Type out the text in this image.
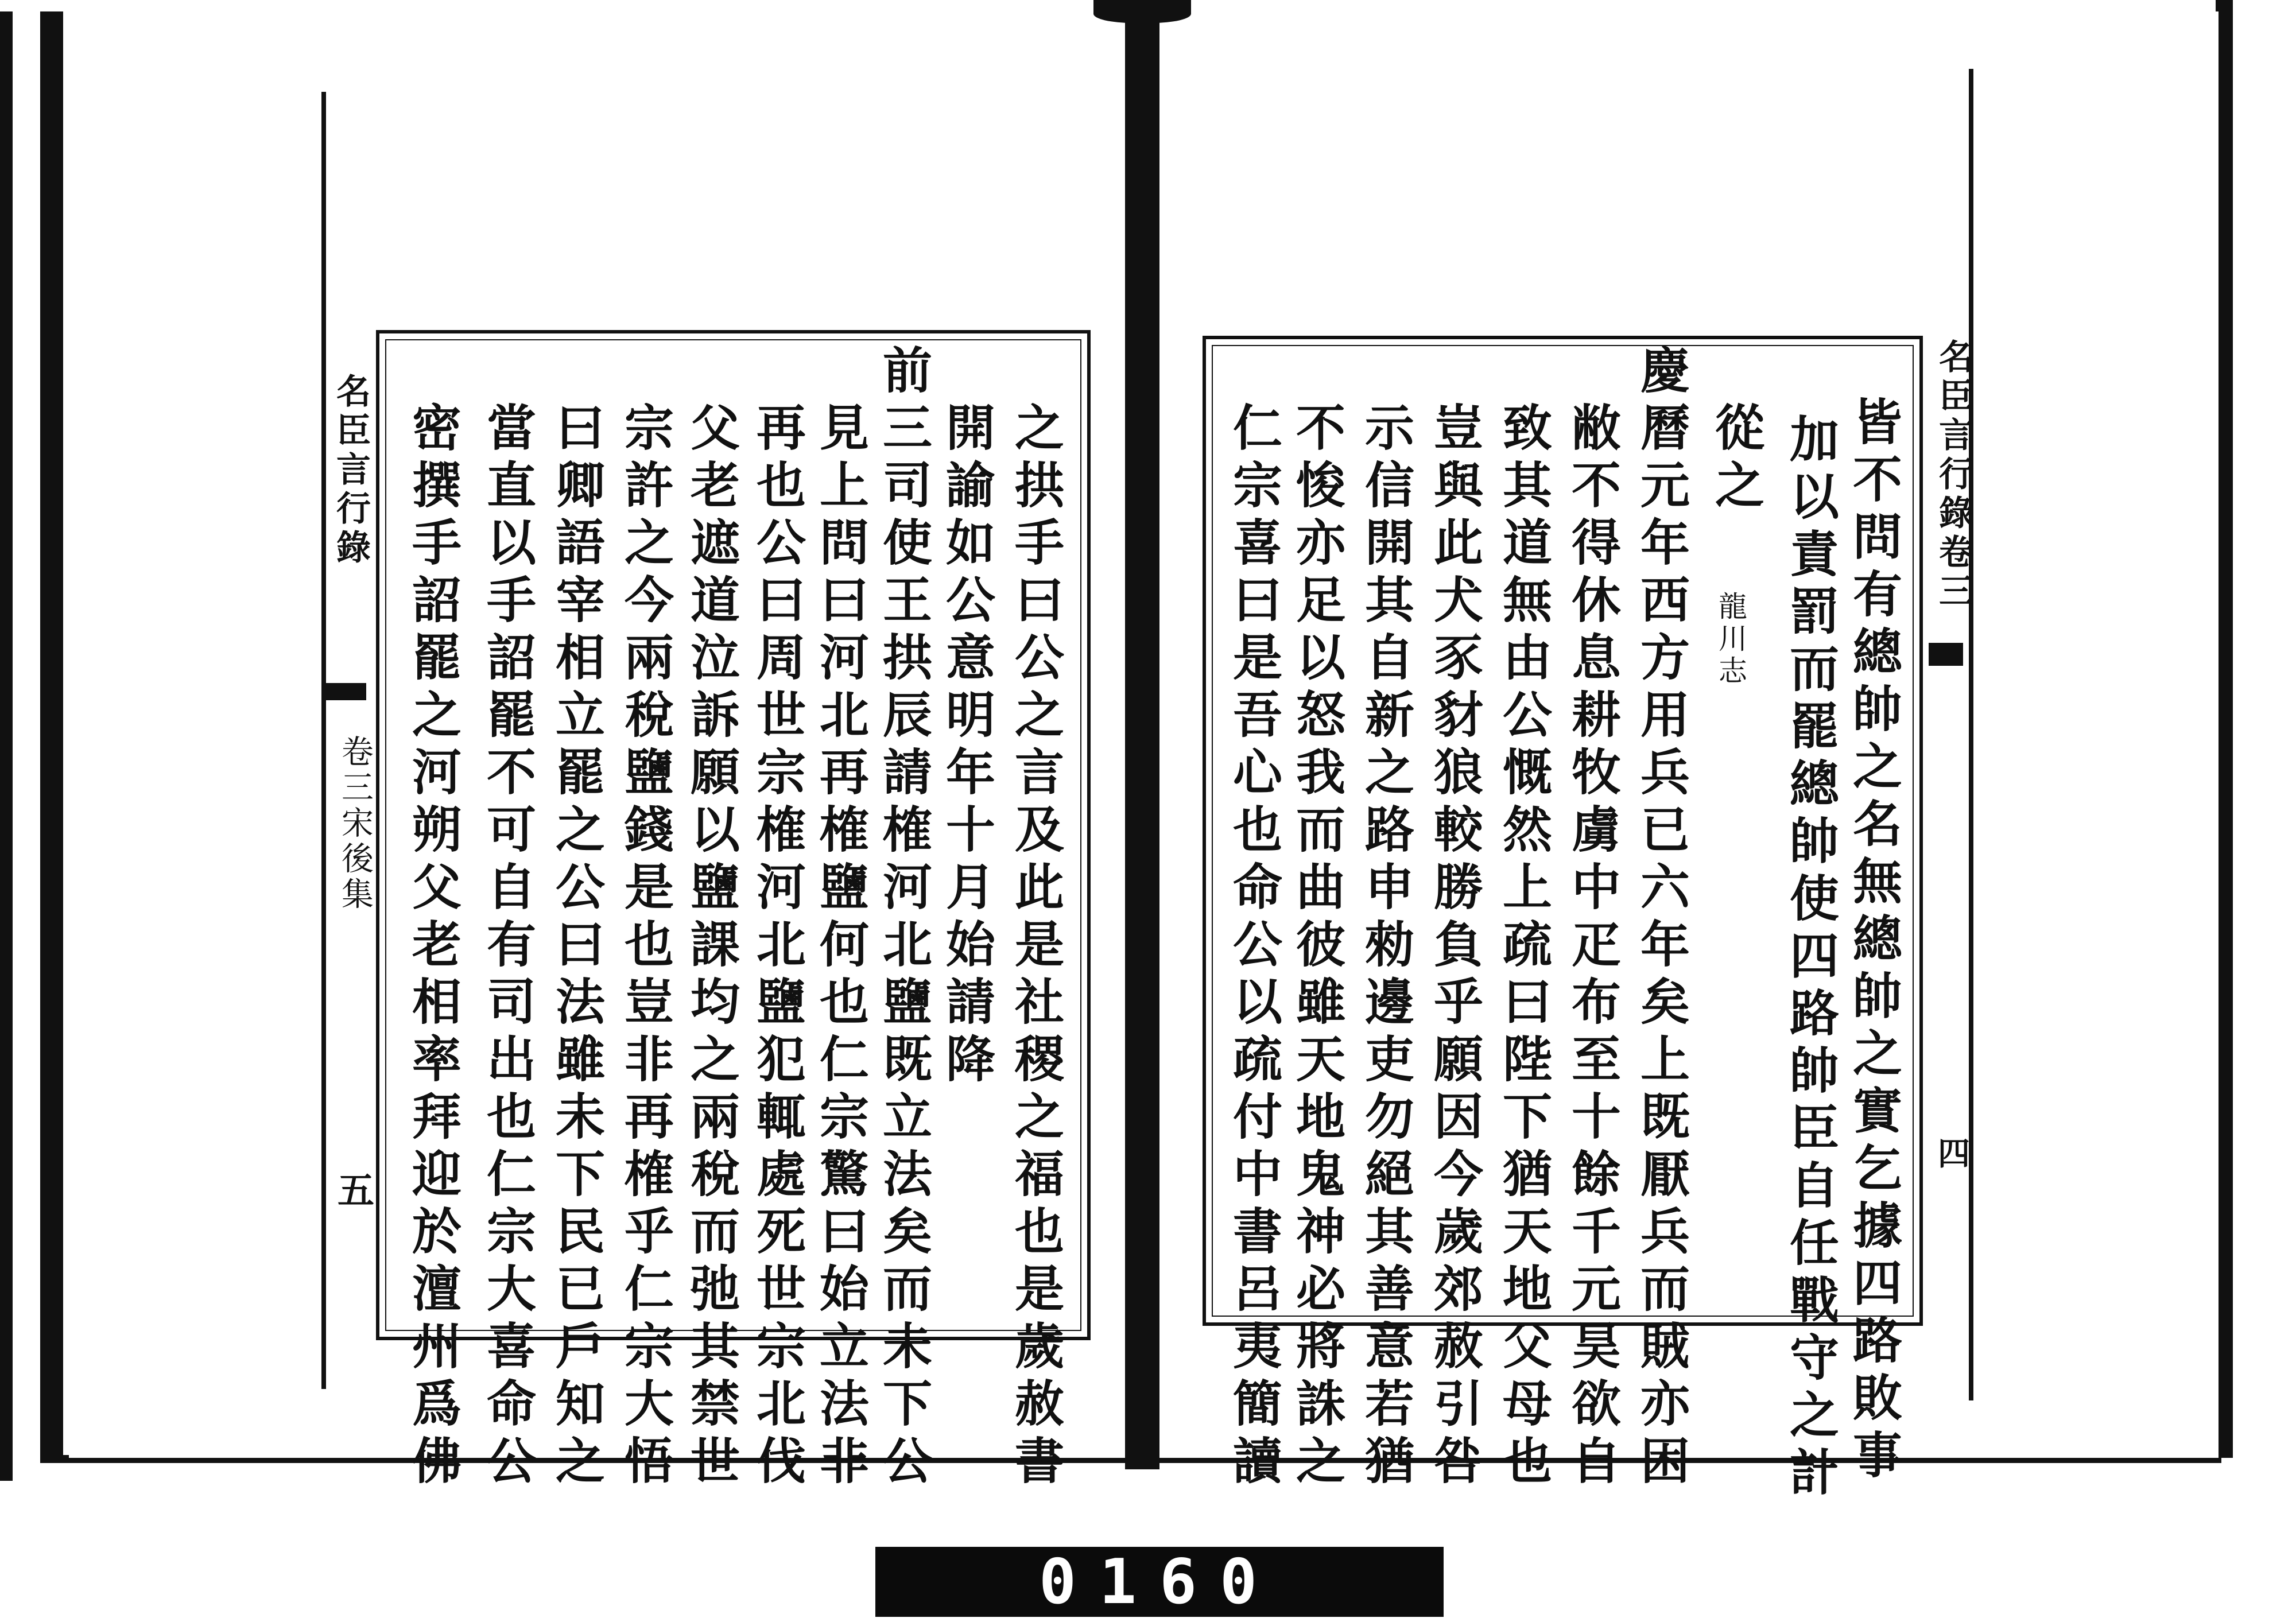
名臣言行錄
卷三宋後集
五	之拱手曰公之言及此是社稷之福也是歲赦書
開諭如公意明年十月始請降
前三司使王拱辰請榷河北鹽既立法矣而未下公
見上問曰河北再榷鹽何也仁宗驚曰始立法非
再也公曰周世宗榷河北鹽犯輒處死世宗北伐
父老遮道泣訴願以鹽課均之兩稅而弛其禁世
宗許之今兩稅鹽錢是也豈非再榷乎仁宗大悟
曰卿語宰相立罷之公曰法雖未下民已戶知之
當直以手詔罷不可自有司出也仁宗大喜命公
密撰手詔罷之河朔父老相率拜迎於澶州爲佛	皆不問有總帥之名無總帥之實乞據四路敗事
加以責罰而罷總帥使四路帥臣自任戰守之計
從之
龍川志
慶曆元年西方用兵已六年矣上既厭兵而賊亦困
敝不得休息耕牧虜中疋布至十餘千元昊欲自
致其道無由公慨然上疏曰陛下猶天地父母也
豈與此犬豕豺狼較勝負乎願因今歲郊赦引咎
示信開其自新之路申勑邊吏勿絕其善意若猶
不悛亦足以怒我而曲彼雖天地鬼神必將誅之
仁宗喜曰是吾心也命公以疏付中書呂夷簡讀	名臣言行錄卷三
四
0160
